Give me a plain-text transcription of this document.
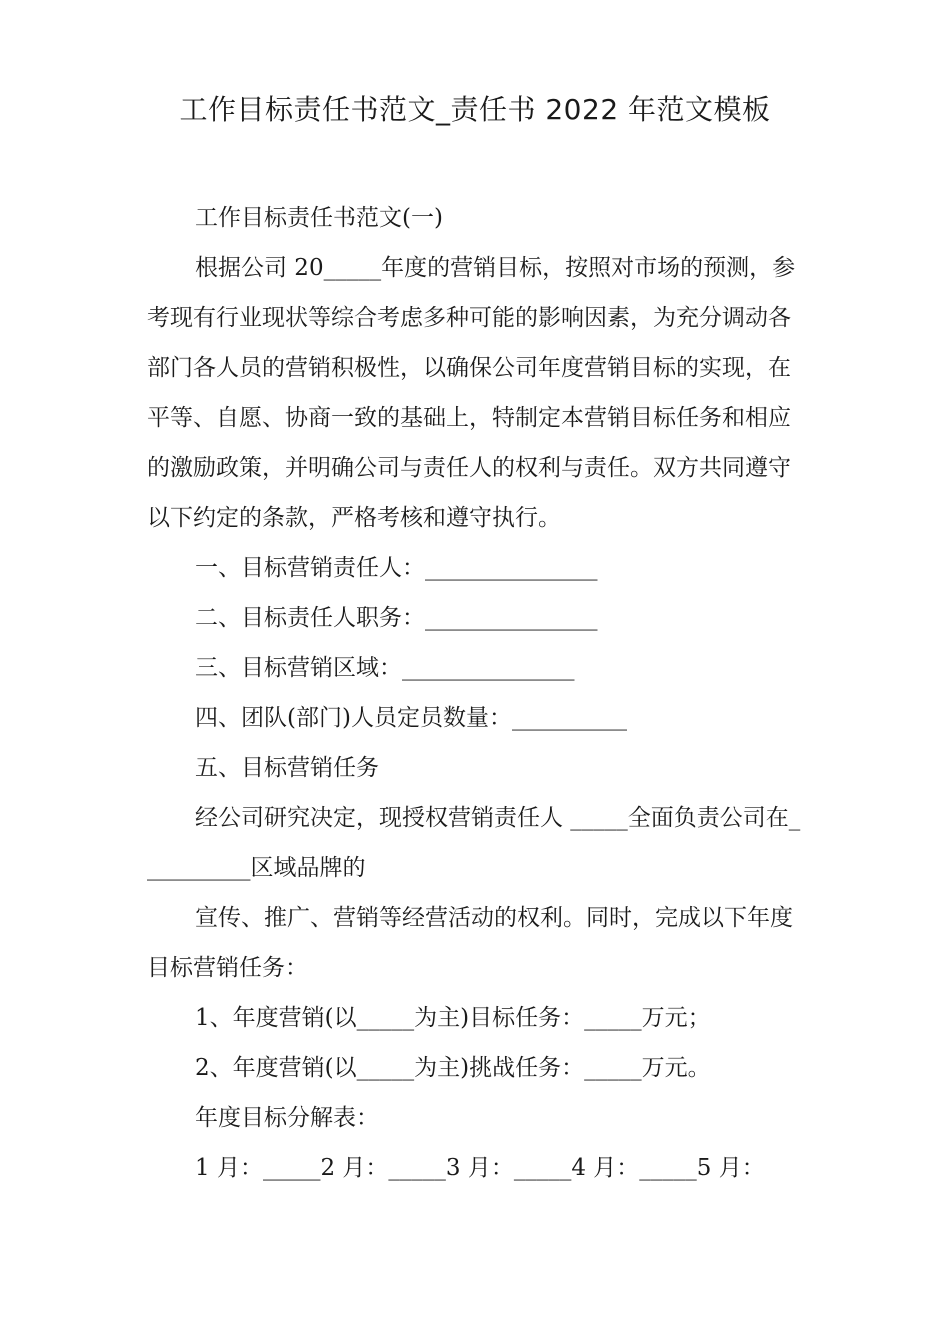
工作目标责任书范文_责任书 2022 年范文模板

工作目标责任书范文(一)

根据公司 20_____年度的营销目标，按照对市场的预测，参考现有行业现状等综合考虑多种可能的影响因素，为充分调动各部门各人员的营销积极性，以确保公司年度营销目标的实现，在平等、自愿、协商一致的基础上，特制定本营销目标任务和相应的激励政策，并明确公司与责任人的权利与责任。双方共同遵守以下约定的条款，严格考核和遵守执行。

一、目标营销责任人：_______________

二、目标责任人职务：_______________

三、目标营销区域：_______________

四、团队(部门)人员定员数量：__________

五、目标营销任务

经公司研究决定，现授权营销责任人 _____全面负责公司在__________区域品牌的

宣传、推广、营销等经营活动的权利。同时，完成以下年度目标营销任务：

1、年度营销(以_____为主)目标任务：_____万元；

2、年度营销(以_____为主)挑战任务：_____万元。

年度目标分解表：

1 月：_____2 月：_____3 月：_____4 月：_____5 月：
